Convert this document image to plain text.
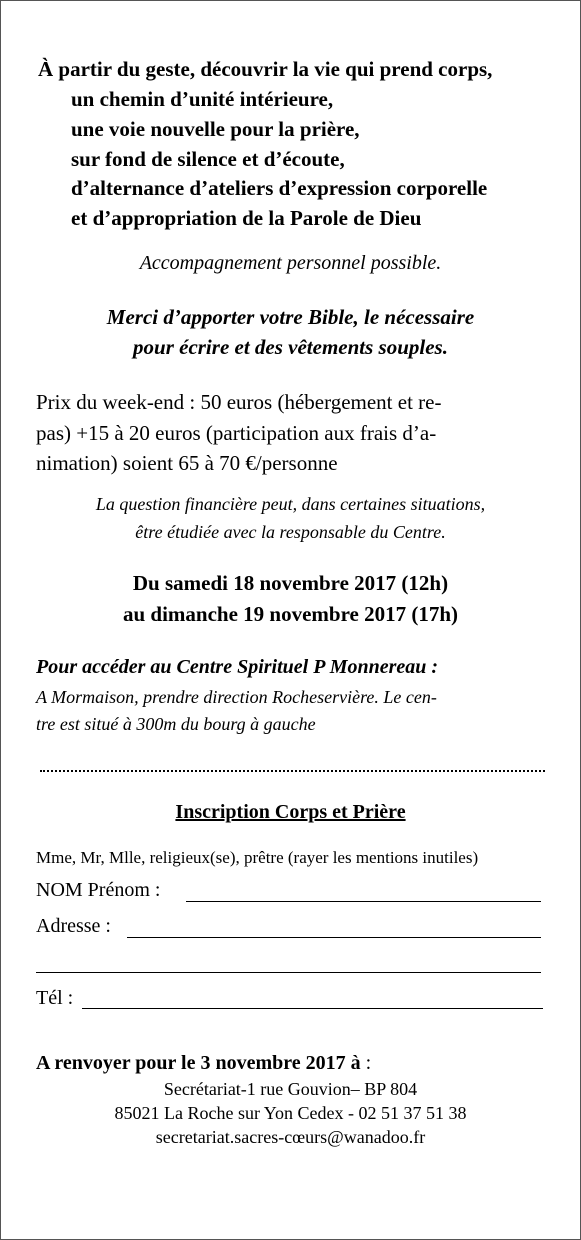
À partir du geste, découvrir la vie qui prend corps,
un chemin d’unité intérieure,
une voie nouvelle pour la prière,
sur fond de silence et d’écoute,
d’alternance d’ateliers d’expression corporelle
et d’appropriation de la Parole de Dieu
Accompagnement personnel possible.
Merci d’apporter votre Bible, le nécessaire
pour écrire et des vêtements souples.
Prix du week-end : 50 euros (hébergement et re-
pas) +15 à 20 euros (participation aux frais d’a-
nimation) soient 65 à 70 €/personne
La question financière peut, dans certaines situations,
être étudiée avec la responsable du Centre.
Du samedi 18 novembre 2017 (12h)
au dimanche 19 novembre 2017 (17h)
Pour accéder au Centre Spirituel P Monnereau :
A Mormaison, prendre direction Rocheservière. Le cen-
tre est situé à 300m du bourg à gauche
Inscription Corps et Prière
Mme, Mr, Mlle, religieux(se), prêtre (rayer les mentions inutiles)
NOM Prénom :
Adresse :
Tél :
A renvoyer pour le 3 novembre 2017 à :
Secrétariat-1 rue Gouvion– BP 804
85021 La Roche sur Yon Cedex - 02 51 37 51 38
secretariat.sacres-cœurs@wanadoo.fr
